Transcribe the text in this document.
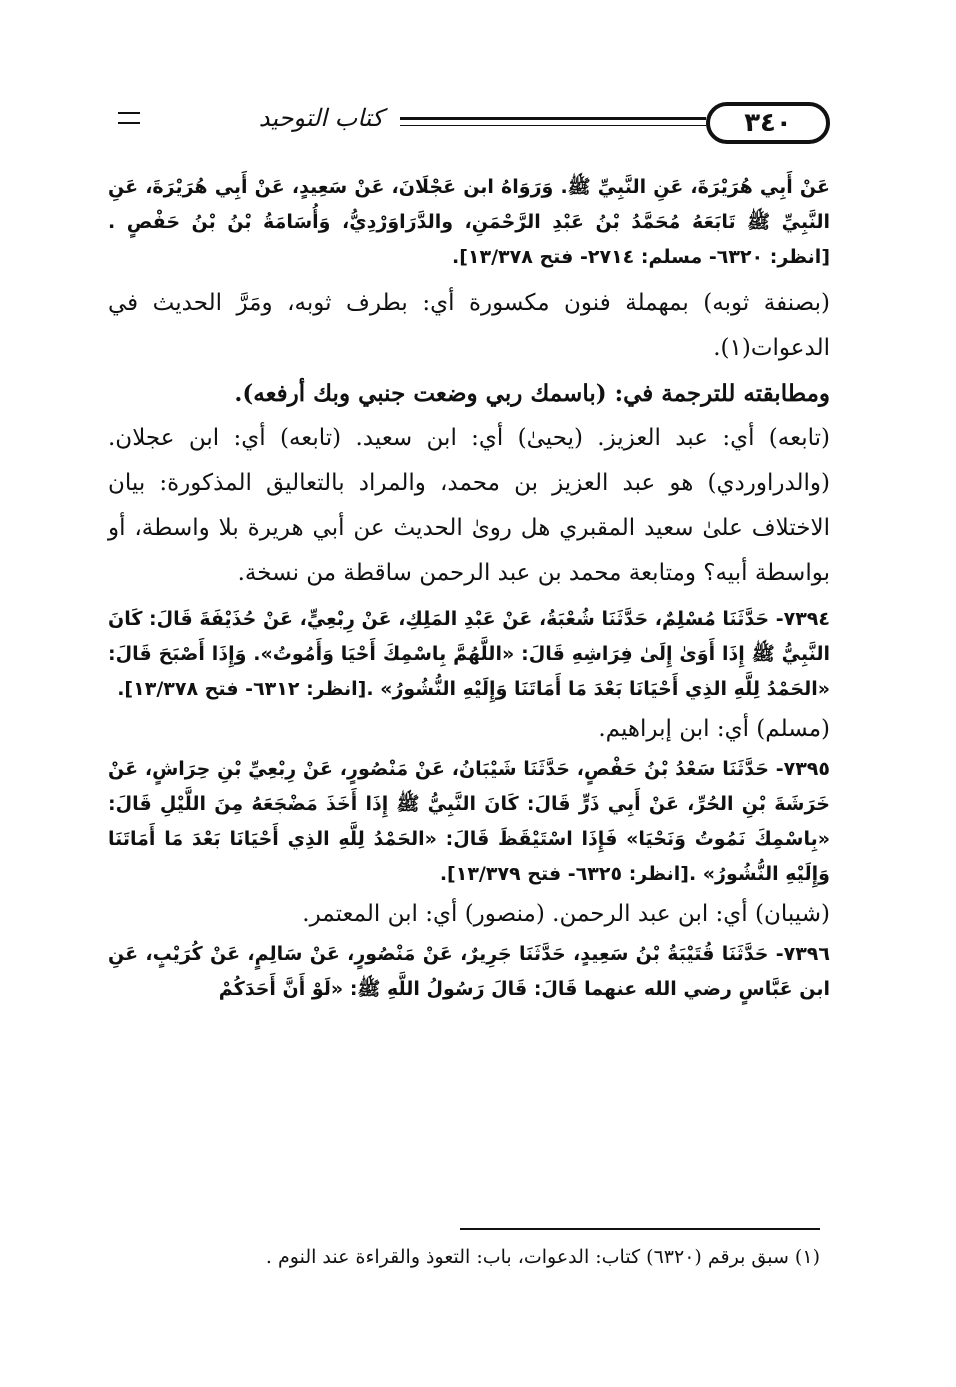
كتاب التوحيد	٣٤٠

عَنْ أَبِي هُرَيْرَةَ، عَنِ النَّبِيِّ ﷺ. وَرَوَاهُ ابن عَجْلَانَ، عَنْ سَعِيدٍ، عَنْ أَبِي هُرَيْرَةَ، عَنِ النَّبِيِّ ﷺ تَابَعَهُ مُحَمَّدُ بْنُ عَبْدِ الرَّحْمَنِ، والدَّرَاوَرْدِيُّ، وَأُسَامَةُ بْنُ بْنُ حَفْصٍ .[انظر: ٦٣٢٠- مسلم: ٢٧١٤- فتح ١٣/٣٧٨].

(بصنفة ثوبه) بمهملة فنون مكسورة أي: بطرف ثوبه، ومَرَّ الحديث في الدعوات(١).

ومطابقته للترجمة في: (باسمك ربي وضعت جنبي وبك أرفعه).

(تابعه) أي: عبد العزيز. (يحيىٰ) أي: ابن سعيد. (تابعه) أي: ابن عجلان. (والدراوردي) هو عبد العزيز بن محمد، والمراد بالتعاليق المذكورة: بيان الاختلاف علىٰ سعيد المقبري هل روىٰ الحديث عن أبي هريرة بلا واسطة، أو بواسطة أبيه؟ ومتابعة محمد بن عبد الرحمن ساقطة من نسخة.

٧٣٩٤- حَدَّثَنَا مُسْلِمٌ، حَدَّثَنَا شُعْبَةُ، عَنْ عَبْدِ المَلِكِ، عَنْ رِبْعِيٍّ، عَنْ حُذَيْفَةَ قَالَ: كَانَ النَّبِيُّ ﷺ إِذَا أَوَىٰ إِلَىٰ فِرَاشِهِ قَالَ: «اللَّهُمَّ بِاسْمِكَ أَحْيَا وَأَمُوتُ». وَإِذَا أَصْبَحَ قَالَ: «الحَمْدُ لِلَّهِ الذِي أَحْيَانَا بَعْدَ مَا أَمَاتَنَا وَإِلَيْهِ النُّشُورُ» .[انظر: ٦٣١٢- فتح ١٣/٣٧٨].

(مسلم) أي: ابن إبراهيم.

٧٣٩٥- حَدَّثَنَا سَعْدُ بْنُ حَفْصٍ، حَدَّثَنَا شَيْبَانُ، عَنْ مَنْصُورٍ، عَنْ رِبْعِيِّ بْنِ حِرَاشٍ، عَنْ خَرَشَةَ بْنِ الحُرِّ، عَنْ أَبِي ذَرٍّ قَالَ: كَانَ النَّبِيُّ ﷺ إِذَا أَخَذَ مَضْجَعَهُ مِنَ اللَّيْلِ قَالَ: «بِاسْمِكَ نَمُوتُ وَنَحْيَا» فَإِذَا اسْتَيْقَظَ قَالَ: «الحَمْدُ لِلَّهِ الذِي أَحْيَانَا بَعْدَ مَا أَمَاتَنَا وَإِلَيْهِ النُّشُورُ» .[انظر: ٦٣٢٥- فتح ١٣/٣٧٩].

(شيبان) أي: ابن عبد الرحمن. (منصور) أي: ابن المعتمر.

٧٣٩٦- حَدَّثَنَا قُتَيْبَةُ بْنُ سَعِيدٍ، حَدَّثَنَا جَرِيرٌ، عَنْ مَنْصُورٍ، عَنْ سَالِمٍ، عَنْ كُرَيْبٍ، عَنِ ابن عَبَّاسٍ رضي الله عنهما قَالَ: قَالَ رَسُولُ اللَّهِ ﷺ: «لَوْ أَنَّ أَحَدَكُمْ

(١) سبق برقم (٦٣٢٠) كتاب: الدعوات، باب: التعوذ والقراءة عند النوم .
